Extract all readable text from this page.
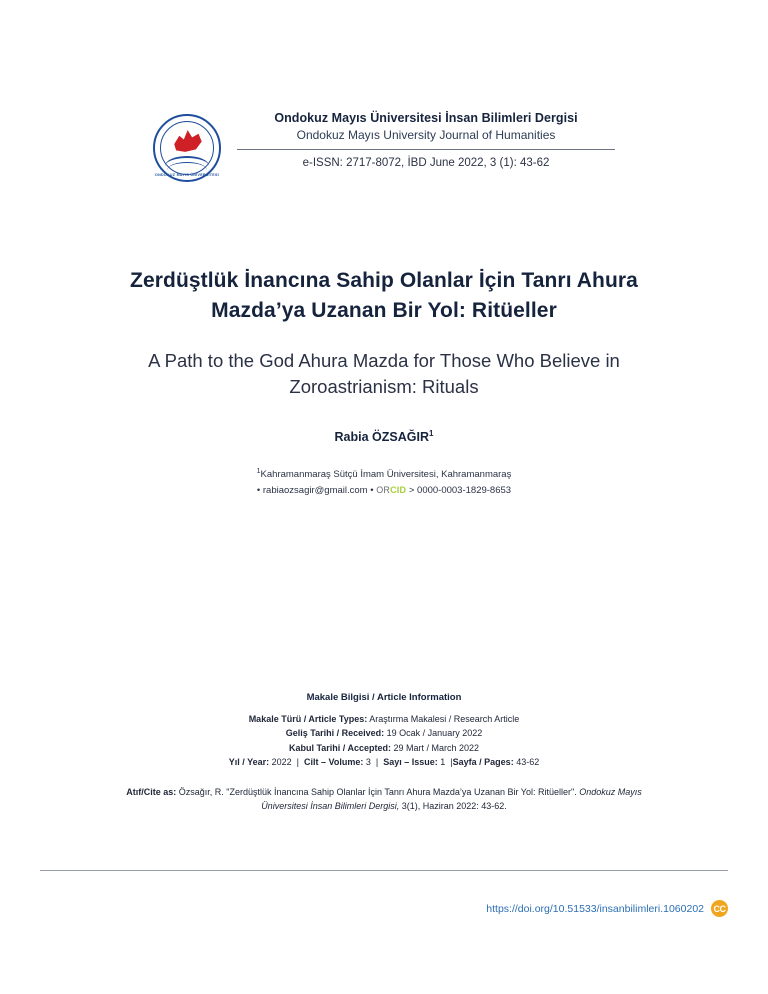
ONDOKUZ MAYIS ÜNİVERSİTESİ
Ondokuz Mayıs Üniversitesi İnsan Bilimleri Dergisi
Ondokuz Mayıs University Journal of Humanities
e-ISSN: 2717-8072, İBD June 2022, 3 (1): 43-62
Zerdüştlük İnancına Sahip Olanlar İçin Tanrı Ahura Mazda’ya Uzanan Bir Yol: Ritüeller
A Path to the God Ahura Mazda for Those Who Believe in Zoroastrianism: Rituals
Rabia ÖZSAĞIR$^1$
$^1$Kahramanmaraş Sütçü İmam Üniversitesi, Kahramanmaraş
• rabiaozsagir@gmail.com • ORCID > 0000-0003-1829-8653
Makale Bilgisi / Article Information
Makale Türü / Article Types: Araştırma Makalesi / Research Article
Geliş Tarihi / Received: 19 Ocak / January 2022
Kabul Tarihi / Accepted: 29 Mart / March 2022
Yıl / Year: 2022  |  Cilt – Volume: 3  |  Sayı – Issue: 1  |Sayfa / Pages: 43-62
Atıf/Cite as: Özsağır, R. "Zerdüştlük İnancına Sahip Olanlar İçin Tanrı Ahura Mazda’ya Uzanan Bir Yol: Ritüeller". Ondokuz Mayıs Üniversitesi İnsan Bilimleri Dergisi, 3(1), Haziran 2022: 43-62.
https://doi.org/10.51533/insanbilimleri.1060202 CC
